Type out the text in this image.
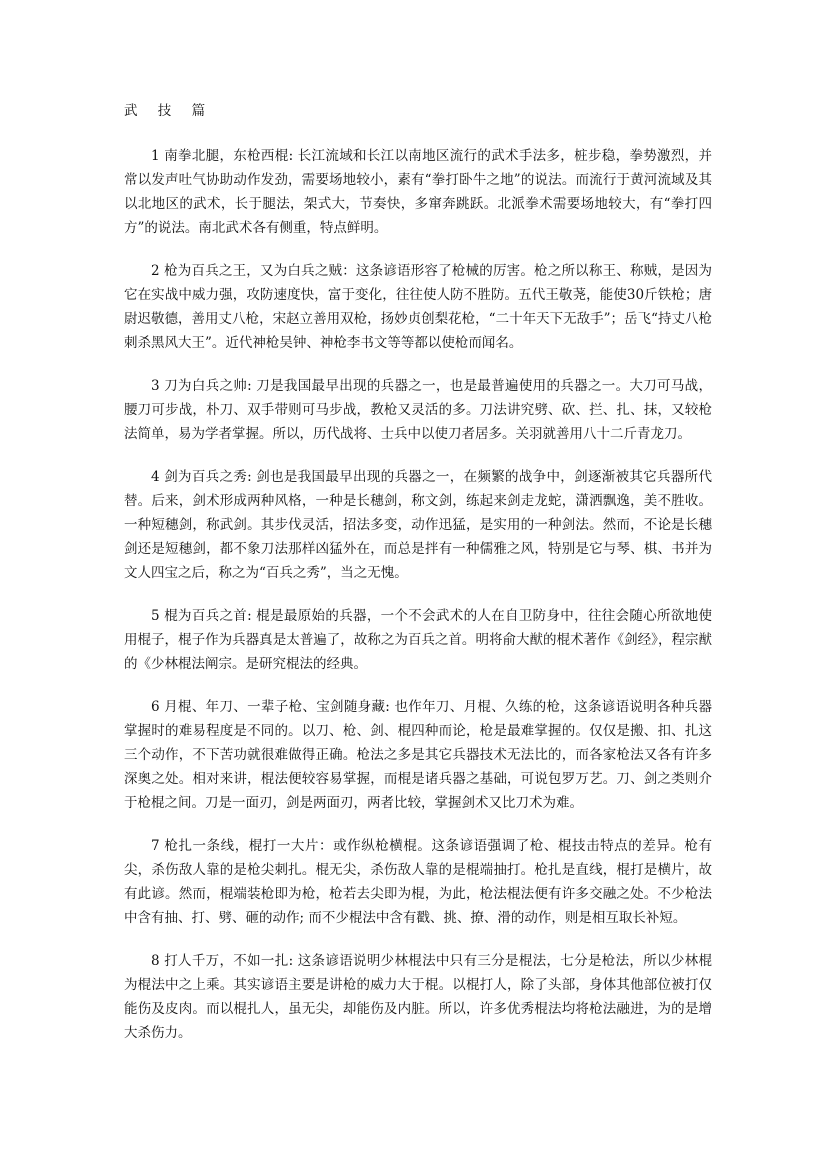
武 技 篇

1 南拳北腿，东枪西棍: 长江流域和长江以南地区流行的武术手法多，桩步稳，拳势激烈，并常以发声吐气协助动作发劲，需要场地较小，素有“拳打卧牛之地”的说法。而流行于黄河流域及其以北地区的武术，长于腿法，架式大，节奏快，多窜奔跳跃。北派拳术需要场地较大，有“拳打四方”的说法。南北武术各有侧重，特点鲜明。

2 枪为百兵之王，又为白兵之贼：这条谚语形容了枪械的厉害。枪之所以称王、称贼，是因为它在实战中威力强，攻防速度快，富于变化，往往使人防不胜防。五代王敬荛，能使30斤铁枪；唐尉迟敬德，善用丈八枪，宋赵立善用双枪，扬妙贞创梨花枪，“二十年天下无敌手”；岳飞“持丈八枪刺杀黑风大王”。近代神枪吴钟、神枪李书文等等都以使枪而闻名。

3 刀为白兵之帅: 刀是我国最早出现的兵器之一，也是最普遍使用的兵器之一。大刀可马战，腰刀可步战，朴刀、双手带则可马步战，教枪又灵活的多。刀法讲究劈、砍、拦、扎、抹，又较枪法简单，易为学者掌握。所以，历代战将、士兵中以使刀者居多。关羽就善用八十二斤青龙刀。

4 剑为百兵之秀: 剑也是我国最早出现的兵器之一，在频繁的战争中，剑逐渐被其它兵器所代替。后来，剑术形成两种风格，一种是长穗剑，称文剑，练起来剑走龙蛇，潇洒飘逸，美不胜收。一种短穗剑，称武剑。其步伐灵活，招法多变，动作迅猛，是实用的一种剑法。然而，不论是长穗剑还是短穗剑，都不象刀法那样凶猛外在，而总是拌有一种儒雅之风，特别是它与琴、棋、书并为文人四宝之后，称之为“百兵之秀”，当之无愧。

5 棍为百兵之首: 棍是最原始的兵器，一个不会武术的人在自卫防身中，往往会随心所欲地使用棍子，棍子作为兵器真是太普遍了，故称之为百兵之首。明将俞大猷的棍术著作《剑经》，程宗猷的《少林棍法阐宗。是研究棍法的经典。

6 月棍、年刀、一辈子枪、宝剑随身藏: 也作年刀、月棍、久练的枪，这条谚语说明各种兵器掌握时的难易程度是不同的。以刀、枪、剑、棍四种而论，枪是最难掌握的。仅仅是搬、扣、扎这三个动作，不下苦功就很难做得正确。枪法之多是其它兵器技术无法比的，而各家枪法又各有许多深奥之处。相对来讲，棍法便较容易掌握，而棍是诸兵器之基础，可说包罗万艺。刀、剑之类则介于枪棍之间。刀是一面刃，剑是两面刃，两者比较，掌握剑术又比刀术为难。

7 枪扎一条线，棍打一大片：或作纵枪横棍。这条谚语强调了枪、棍技击特点的差异。枪有尖，杀伤敌人靠的是枪尖刺扎。棍无尖，杀伤敌人靠的是棍端抽打。枪扎是直线，棍打是横片，故有此谚。然而，棍端装枪即为枪，枪若去尖即为棍，为此，枪法棍法便有许多交融之处。不少枪法中含有抽、打、劈、砸的动作; 而不少棍法中含有戳、挑、撩、滑的动作，则是相互取长补短。

8 打人千万，不如一扎: 这条谚语说明少林棍法中只有三分是棍法，七分是枪法，所以少林棍为棍法中之上乘。其实谚语主要是讲枪的威力大于棍。以棍打人，除了头部，身体其他部位被打仅能伤及皮肉。而以棍扎人，虽无尖，却能伤及内脏。所以，许多优秀棍法均将枪法融进，为的是增大杀伤力。
